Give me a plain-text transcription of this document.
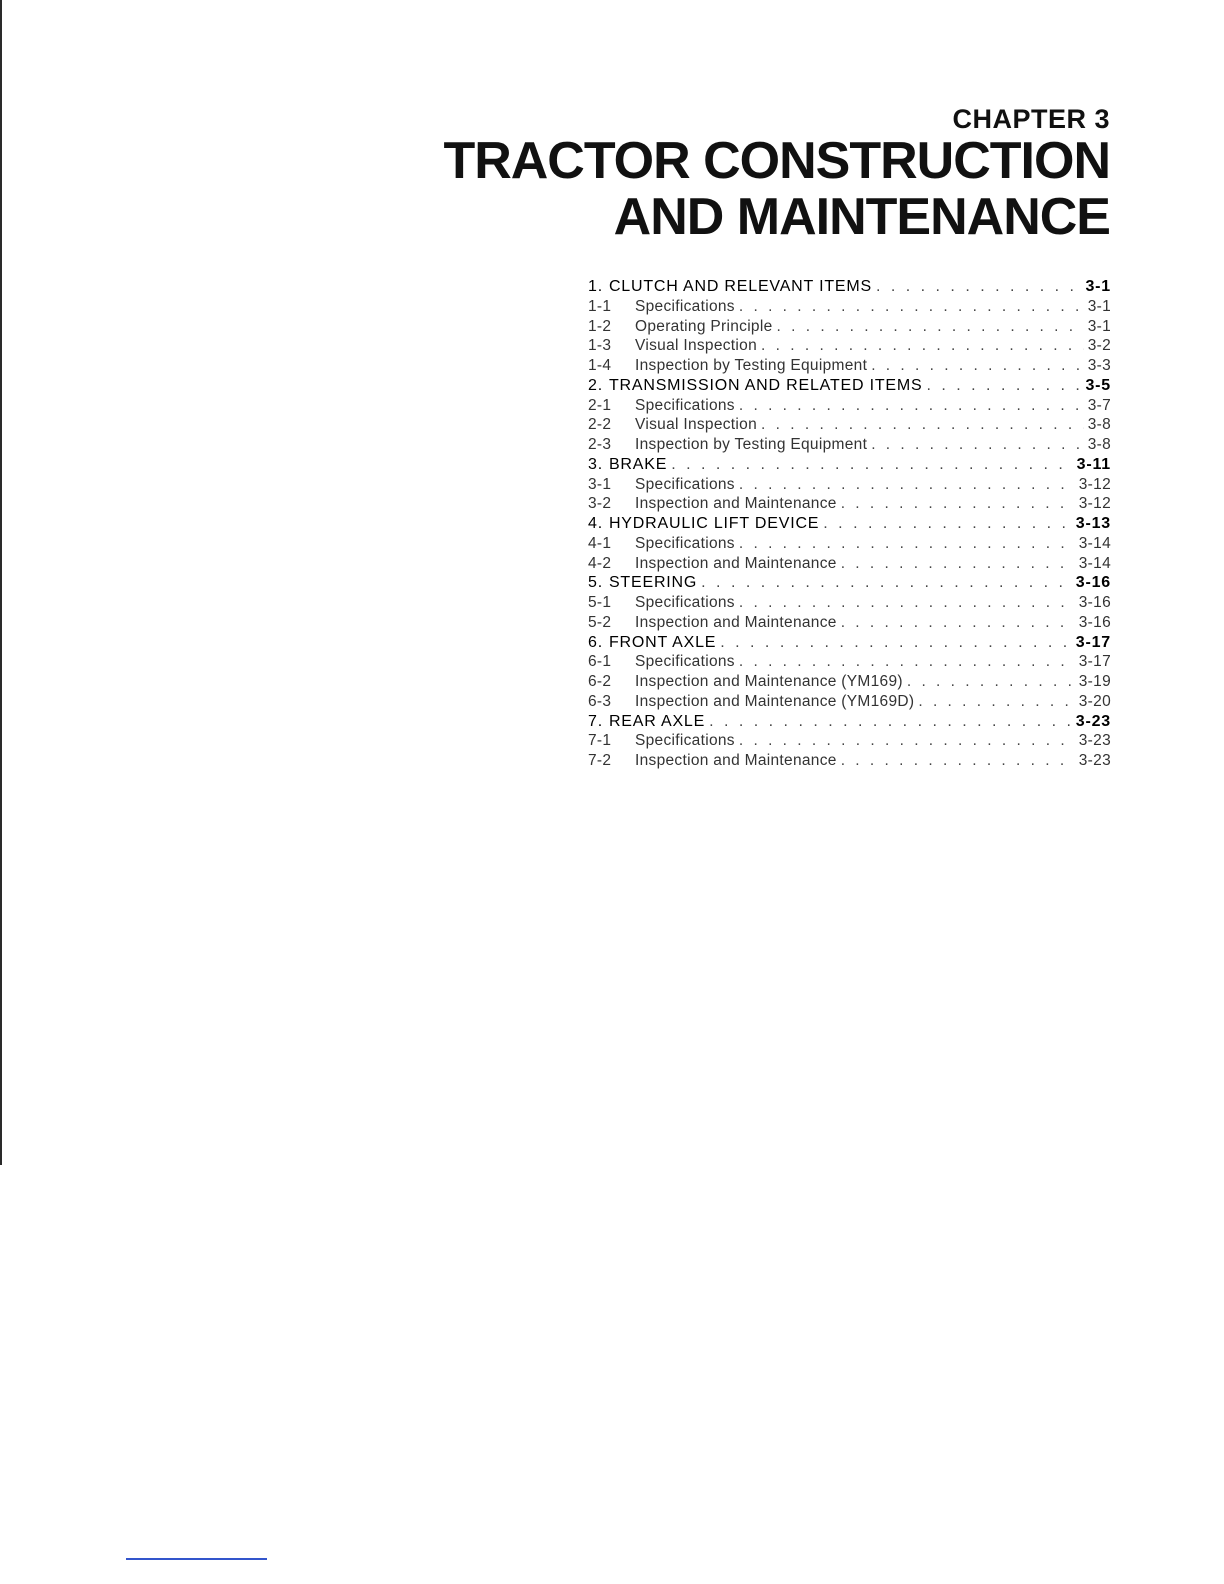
CHAPTER 3
TRACTOR CONSTRUCTION
AND MAINTENANCE
1. CLUTCH AND RELEVANT ITEMS . . .	3-1
1-1	Specifications . . .	3-1
1-2	Operating Principle . . .	3-1
1-3	Visual Inspection . . .	3-2
1-4	Inspection by Testing Equipment . . .	3-3
2. TRANSMISSION AND RELATED ITEMS . . .	3-5
2-1	Specifications . . .	3-7
2-2	Visual Inspection . . .	3-8
2-3	Inspection by Testing Equipment . . .	3-8
3. BRAKE . . .	3-11
3-1	Specifications . . .	3-12
3-2	Inspection and Maintenance . . .	3-12
4. HYDRAULIC LIFT DEVICE . . .	3-13
4-1	Specifications . . .	3-14
4-2	Inspection and Maintenance . . .	3-14
5. STEERING . . .	3-16
5-1	Specifications . . .	3-16
5-2	Inspection and Maintenance . . .	3-16
6. FRONT AXLE . . .	3-17
6-1	Specifications . . .	3-17
6-2	Inspection and Maintenance (YM169) . . .	3-19
6-3	Inspection and Maintenance (YM169D) . . .	3-20
7. REAR AXLE . . .	3-23
7-1	Specifications . . .	3-23
7-2	Inspection and Maintenance . . .	3-23
